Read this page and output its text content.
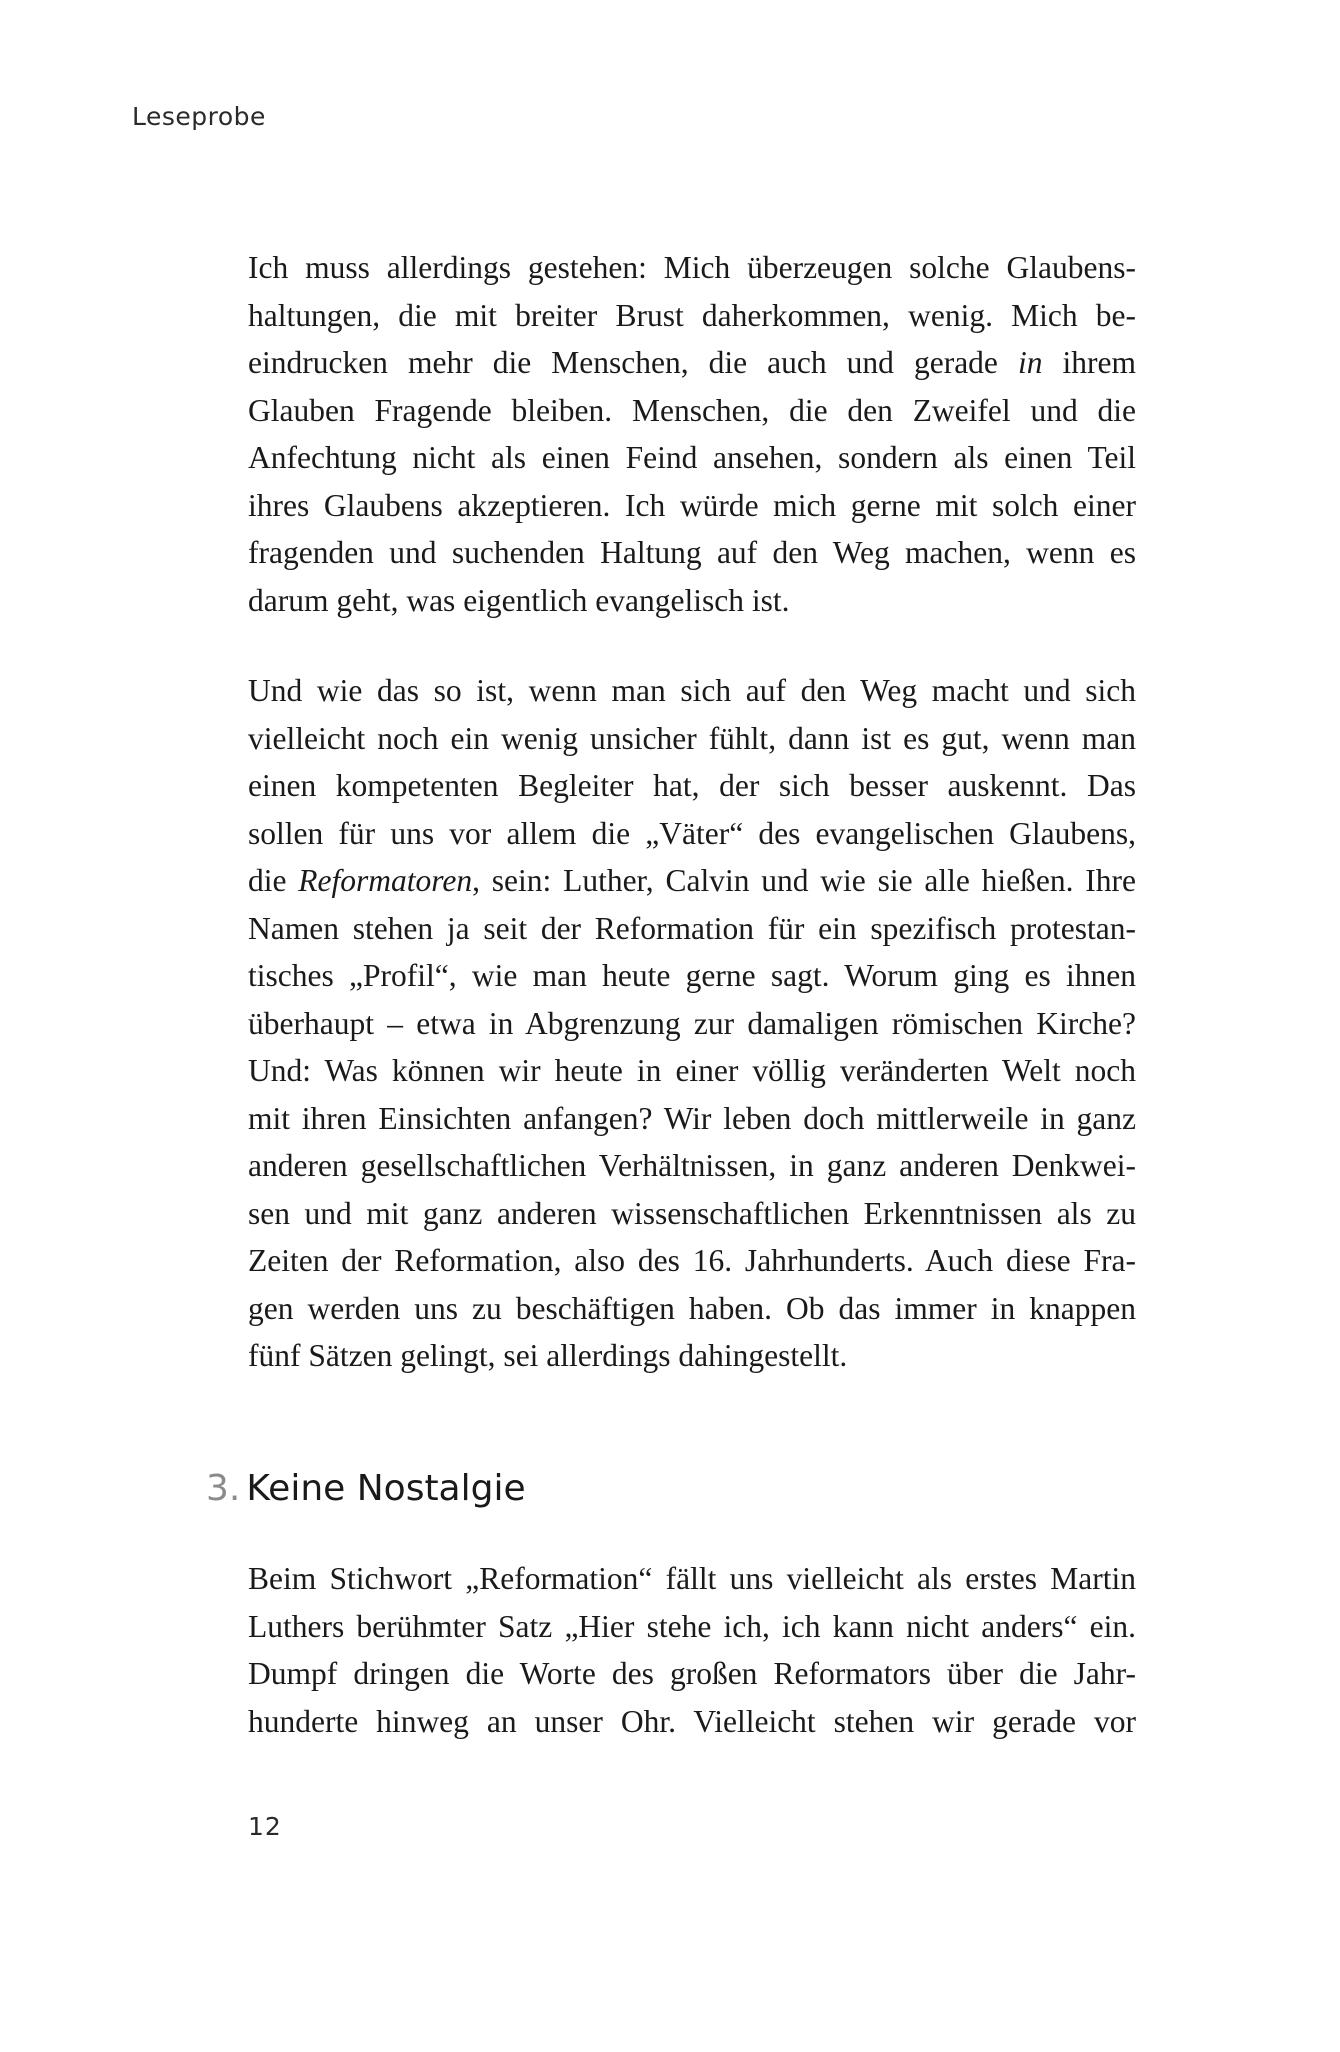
Leseprobe
Ich muss allerdings gestehen: Mich überzeugen solche Glaubens-
haltungen, die mit breiter Brust daherkommen, wenig. Mich be-
eindrucken mehr die Menschen, die auch und gerade in ihrem
Glauben Fragende bleiben. Menschen, die den Zweifel und die
Anfechtung nicht als einen Feind ansehen, sondern als einen Teil
ihres Glaubens akzeptieren. Ich würde mich gerne mit solch einer
fragenden und suchenden Haltung auf den Weg machen, wenn es
darum geht, was eigentlich evangelisch ist.
Und wie das so ist, wenn man sich auf den Weg macht und sich
vielleicht noch ein wenig unsicher fühlt, dann ist es gut, wenn man
einen kompetenten Begleiter hat, der sich besser auskennt. Das
sollen für uns vor allem die „Väter“ des evangelischen Glaubens,
die Reformatoren, sein: Luther, Calvin und wie sie alle hießen. Ihre
Namen stehen ja seit der Reformation für ein spezifisch protestan-
tisches „Profil“, wie man heute gerne sagt. Worum ging es ihnen
überhaupt – etwa in Abgrenzung zur damaligen römischen Kirche?
Und: Was können wir heute in einer völlig veränderten Welt noch
mit ihren Einsichten anfangen? Wir leben doch mittlerweile in ganz
anderen gesellschaftlichen Verhältnissen, in ganz anderen Denkwei-
sen und mit ganz anderen wissenschaftlichen Erkenntnissen als zu
Zeiten der Reformation, also des 16. Jahrhunderts. Auch diese Fra-
gen werden uns zu beschäftigen haben. Ob das immer in knappen
fünf Sätzen gelingt, sei allerdings dahingestellt.
3. Keine Nostalgie
Beim Stichwort „Reformation“ fällt uns vielleicht als erstes Martin
Luthers berühmter Satz „Hier stehe ich, ich kann nicht anders“ ein.
Dumpf dringen die Worte des großen Reformators über die Jahr-
hunderte hinweg an unser Ohr. Vielleicht stehen wir gerade vor
12
